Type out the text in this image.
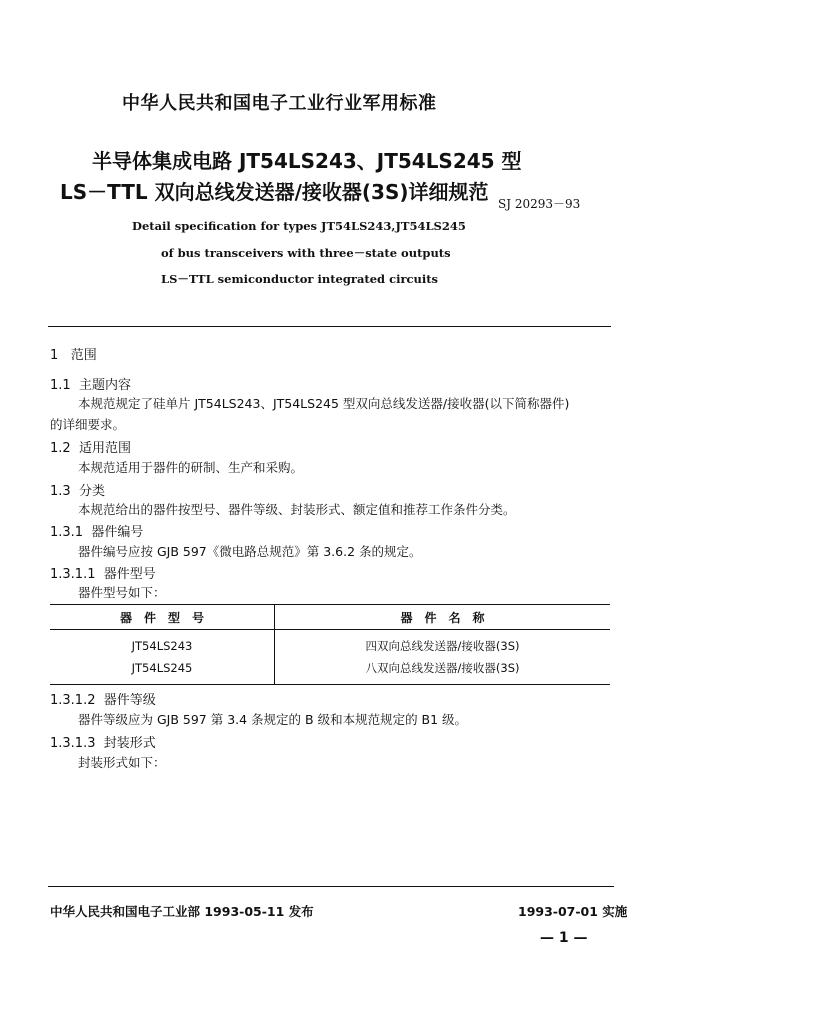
中华人民共和国电子工业行业军用标准
半导体集成电路 JT54LS243、JT54LS245 型
LS－TTL 双向总线发送器/接收器(3S)详细规范 SJ 20293－93
Detail specification for types JT54LS243,JT54LS245
of bus transceivers with three－state outputs
LS－TTL semiconductor integrated circuits
1 范围
1.1 主题内容
本规范规定了硅单片 JT54LS243、JT54LS245 型双向总线发送器/接收器(以下简称器件)
的详细要求。
1.2 适用范围
本规范适用于器件的研制、生产和采购。
1.3 分类
本规范给出的器件按型号、器件等级、封装形式、额定值和推荐工作条件分类。
1.3.1 器件编号
器件编号应按 GJB 597《微电路总规范》第 3.6.2 条的规定。
1.3.1.1 器件型号
器件型号如下：
器　件　型　号	器　件　名　称
JT54LS243	四双向总线发送器/接收器(3S)
JT54LS245	八双向总线发送器/接收器(3S)
1.3.1.2 器件等级
器件等级应为 GJB 597 第 3.4 条规定的 B 级和本规范规定的 B1 级。
1.3.1.3 封装形式
封装形式如下：
中华人民共和国电子工业部 1993-05-11 发布	1993-07-01 实施
— 1 —
